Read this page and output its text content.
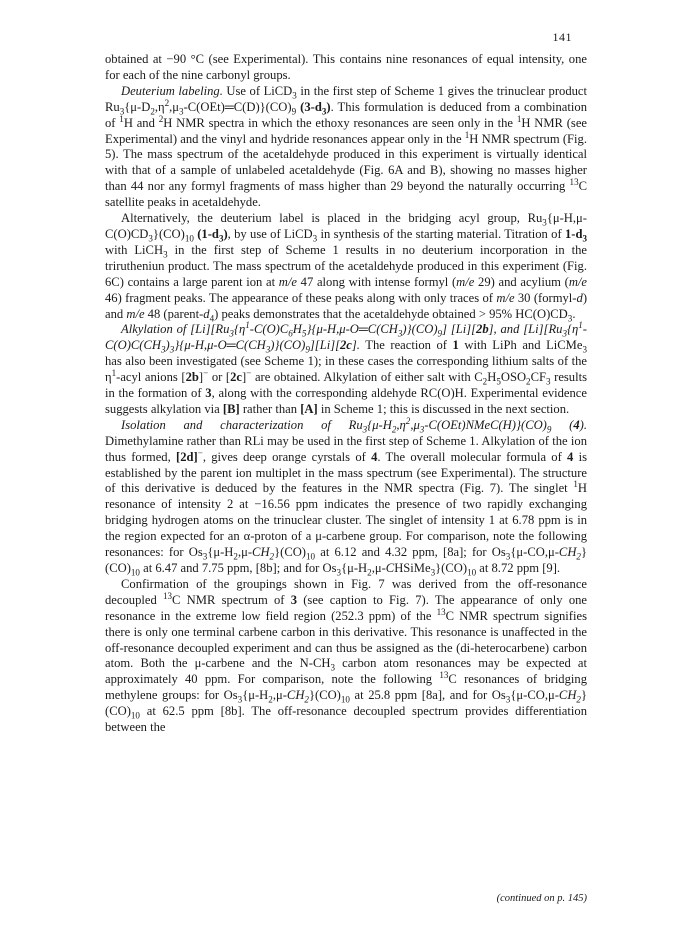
141

obtained at −90 °C (see Experimental). This contains nine resonances of equal intensity, one for each of the nine carbonyl groups.

Deuterium labeling. Use of LiCD$_3$ in the first step of Scheme 1 gives the trinuclear product $Ru_3\{\mu-D_2,\eta^2,\mu_3-C(OEt)═C(D)\}(CO)_9$ $(3-d_3)$. This formulation is deduced from a combination of $^1$H and $^2$H NMR spectra in which the ethoxy resonances are seen only in the $^1$H NMR (see Experimental) and the vinyl and hydride resonances appear only in the $^1$H NMR spectrum (Fig. 5). The mass spectrum of the acetaldehyde produced in this experiment is virtually identical with that of a sample of unlabeled acetaldehyde (Fig. 6A and B), showing no masses higher than 44 nor any formyl fragments of mass higher than 29 beyond the naturally occurring $^{13}$C satellite peaks in acetaldehyde.

Alternatively, the deuterium label is placed in the bridging acyl group, $Ru_3\{\mu-H,\mu-C(O)CD_3\}(CO)_{10}$ $(1-d_3)$, by use of LiCD$_3$ in synthesis of the starting material. Titration of $1-d_3$ with LiCH$_3$ in the first step of Scheme 1 results in no deuterium incorporation in the trirutheniun product. The mass spectrum of the acetaldehyde produced in this experiment (Fig. 6C) contains a large parent ion at m/e 47 along with intense formyl (m/e 29) and acylium (m/e 46) fragment peaks. The appearance of these peaks along with only traces of m/e 30 (formyl-d) and m/e 48 $(parent-d_4)$ peaks demonstrates that the acetaldehyde obtained > 95% $HC(O)CD_3$.

Alkylation of $[Li][Ru_3\{\eta^1-C(O)C_6H_5\}\{\mu-H,\mu-O═C(CH_3)\}(CO)_9]$ [Li][2b], and $[Li][Ru_3\{\eta^1-C(O)C(CH_3)_3\}\{\mu-H,\mu-O═C(CH_3)\}(CO)_9][Li][2c]$. The reaction of 1 with LiPh and LiCMe$_3$ has also been investigated (see Scheme 1); in these cases the corresponding lithium salts of the $\eta^1$-acyl anions [2b]− or [2c]− are obtained. Alkylation of either salt with $C_2H_5OSO_2CF_3$ results in the formation of 3, along with the corresponding aldehyde RC(O)H. Experimental evidence suggests alkylation via [B] rather than [A] in Scheme 1; this is discussed in the next section.

Isolation and characterization of $Ru_3\{\mu-H_2,\eta^2,\mu_3-C(OEt)NMeC(H)\}(CO)_9$ (4). Dimethylamine rather than RLi may be used in the first step of Scheme 1. Alkylation of the ion thus formed, [2d]−, gives deep orange cyrstals of 4. The overall molecular formula of 4 is established by the parent ion multiplet in the mass spectrum (see Experimental). The structure of this derivative is deduced by the features in the NMR spectra (Fig. 7). The singlet $^1$H resonance of intensity 2 at −16.56 ppm indicates the presence of two rapidly exchanging bridging hydrogen atoms on the trinuclear cluster. The singlet of intensity 1 at 6.78 ppm is in the region expected for an α-proton of a μ-carbene group. For comparison, note the following resonances: for $Os_3\{\mu-H_2,\mu-CH_2\}(CO)_{10}$ at 6.12 and 4.32 ppm, [8a]; for $Os_3\{\mu-CO,\mu-CH_2\}(CO)_{10}$ at 6.47 and 7.75 ppm, [8b]; and for $Os_3\{\mu-H_2,\mu-CHSiMe_3\}(CO)_{10}$ at 8.72 ppm [9].

Confirmation of the groupings shown in Fig. 7 was derived from the off-resonance decoupled $^{13}$C NMR spectrum of 3 (see caption to Fig. 7). The appearance of only one resonance in the extreme low field region (252.3 ppm) of the $^{13}$C NMR spectrum signifies there is only one terminal carbene carbon in this derivative. This resonance is unaffected in the off-resonance decoupled experiment and can thus be assigned as the (di-heterocarbene) carbon atom. Both the μ-carbene and the $N-CH_3$ carbon atom resonances may be expected at approximately 40 ppm. For comparison, note the following $^{13}$C resonances of bridging methylene groups: for $Os_3\{\mu-H_2,\mu-CH_2\}(CO)_{10}$ at 25.8 ppm [8a], and for $Os_3\{\mu-CO,\mu-CH_2\}(CO)_{10}$ at 62.5 ppm [8b]. The off-resonance decoupled spectrum provides differentiation between the

(continued on p. 145)
